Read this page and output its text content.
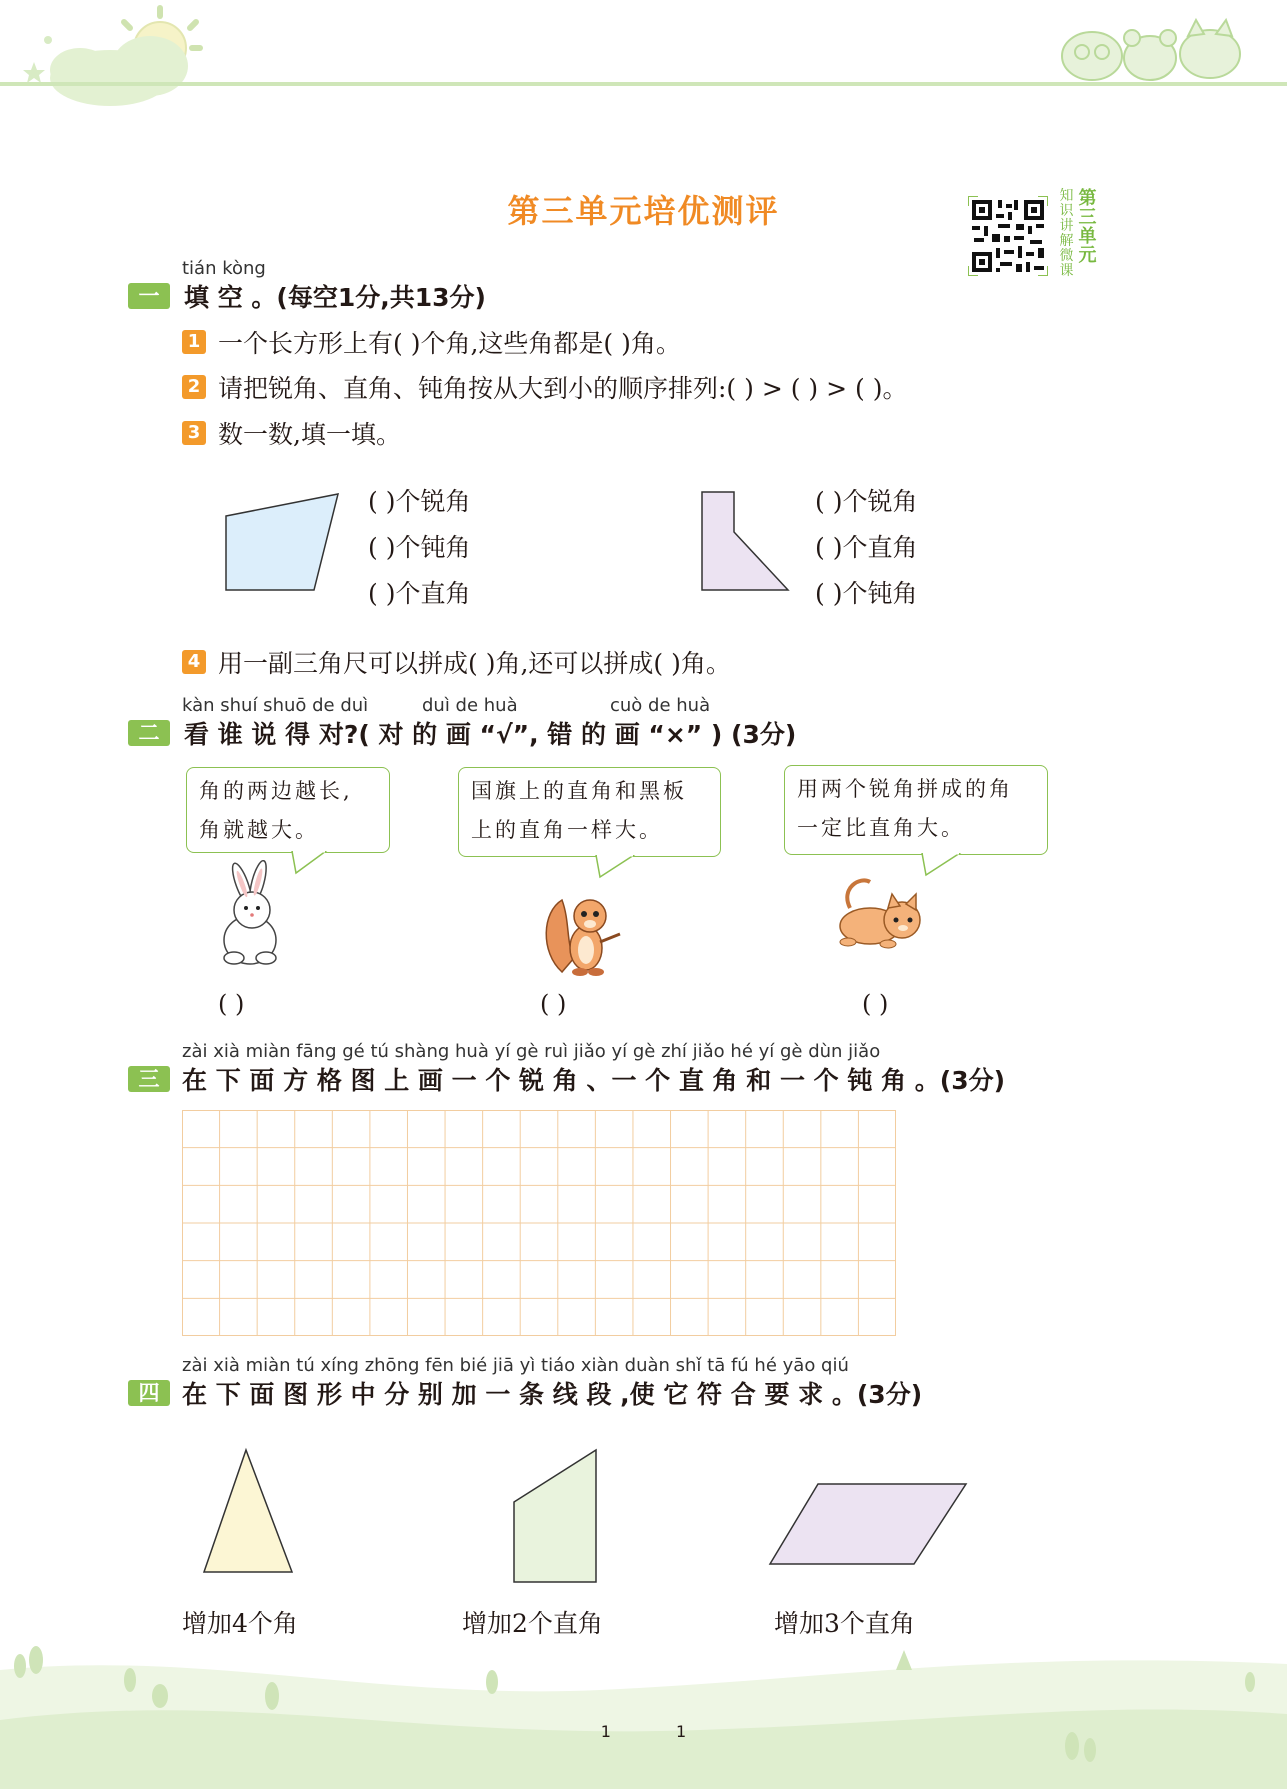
第三单元培优测评	知识讲解微课
第三单元
tián kòng
一 填 空 。(每空1分,共13分)
1 一个长方形上有( )个角,这些角都是( )角。
2 请把锐角、直角、钝角按从大到小的顺序排列:( ) > ( ) > ( )。
3 数一数,填一填。
( )个锐角
( )个钝角
( )个直角
( )个锐角
( )个直角
( )个钝角
4 用一副三角尺可以拼成( )角,还可以拼成( )角。
kàn shuí shuō de duì	duì de huà	cuò de huà
二 看 谁 说 得 对?( 对 的 画 “√”, 错 的 画 “×” ) (3分)
角的两边越长,
角就越大。
国旗上的直角和黑板
上的直角一样大。
用两个锐角拼成的角
一定比直角大。
( )	( )	( )
zài xià miàn fāng gé tú shàng huà yí gè ruì jiǎo yí gè zhí jiǎo hé yí gè dùn jiǎo
三 在 下 面 方 格 图 上 画 一 个 锐 角 、一 个 直 角 和 一 个 钝 角 。(3分)
zài xià miàn tú xíng zhōng fēn bié jiā yì tiáo xiàn duàn shǐ tā fú hé yāo qiú
四 在 下 面 图 形 中 分 别 加 一 条 线 段 ,使 它 符 合 要 求 。(3分)
增加4个角	增加2个直角	增加3个直角
1 1
